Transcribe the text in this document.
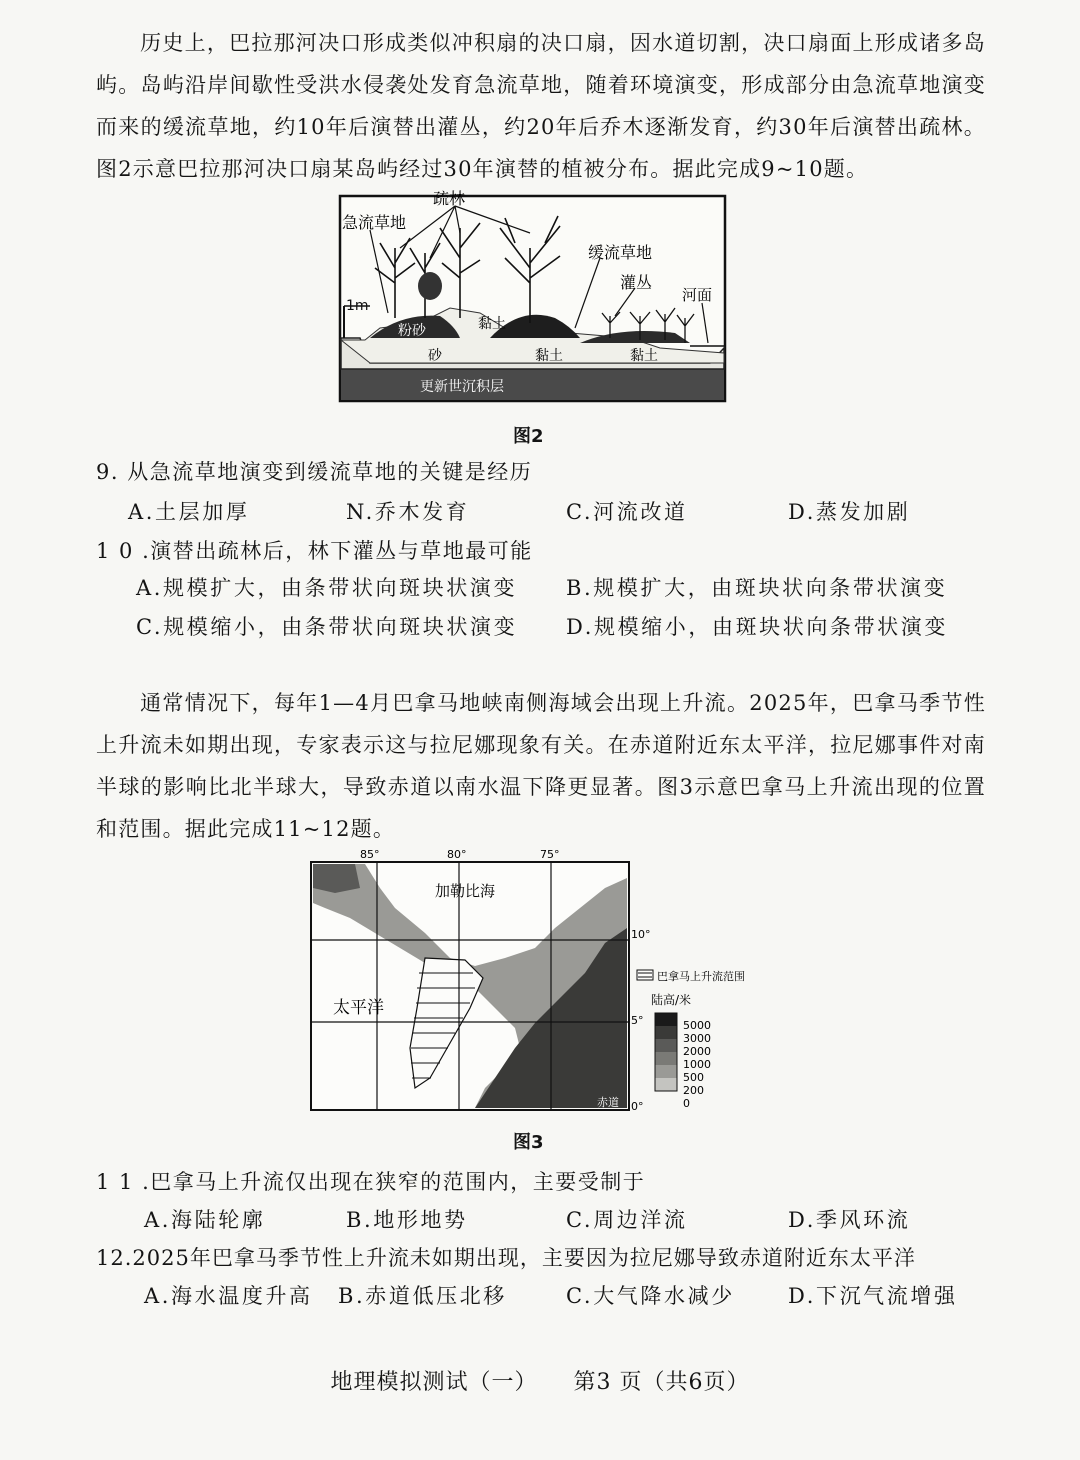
历史上，巴拉那河决口形成类似冲积扇的决口扇，因水道切割，决口扇面上形成诸多岛屿。岛屿沿岸间歇性受洪水侵袭处发育急流草地，随着环境演变，形成部分由急流草地演变而来的缓流草地，约10年后演替出灌丛，约20年后乔木逐渐发育，约30年后演替出疏林。图2示意巴拉那河决口扇某岛屿经过30年演替的植被分布。据此完成9~10题。

1m
疏林
急流草地
缓流草地
灌丛
河面
粉砂	黏土
黏土	黏土
砂
更新世沉积层
图2
9. 从急流草地演变到缓流草地的关键是经历
A.土层加厚	N.乔木发育	C.河流改道	D.蒸发加剧
1 0 .演替出疏林后，林下灌丛与草地最可能
A.规模扩大，由条带状向斑块状演变 B.规模扩大，由斑块状向条带状演变
C.规模缩小，由条带状向斑块状演变 D.规模缩小，由斑块状向条带状演变

通常情况下，每年1—4月巴拿马地峡南侧海域会出现上升流。2025年，巴拿马季节性上升流未如期出现，专家表示这与拉尼娜现象有关。在赤道附近东太平洋，拉尼娜事件对南半球的影响比北半球大，导致赤道以南水温下降更显著。图3示意巴拿马上升流出现的位置和范围。据此完成11~12题。

85°	80°	75°
10°
5°
0°
加勒比海
太平洋
赤道
巴拿马上升流范围
陆高/米
5000
3000
2000
1000
500
200
0
图3
1 1 .巴拿马上升流仅出现在狭窄的范围内，主要受制于
A.海陆轮廓	B.地形地势	C.周边洋流	D.季风环流
12.2025年巴拿马季节性上升流未如期出现，主要因为拉尼娜导致赤道附近东太平洋
A.海水温度升高 B.赤道低压北移	C.大气降水减少	D.下沉气流增强
地理模拟测试（一） 第3 页（共6页）
